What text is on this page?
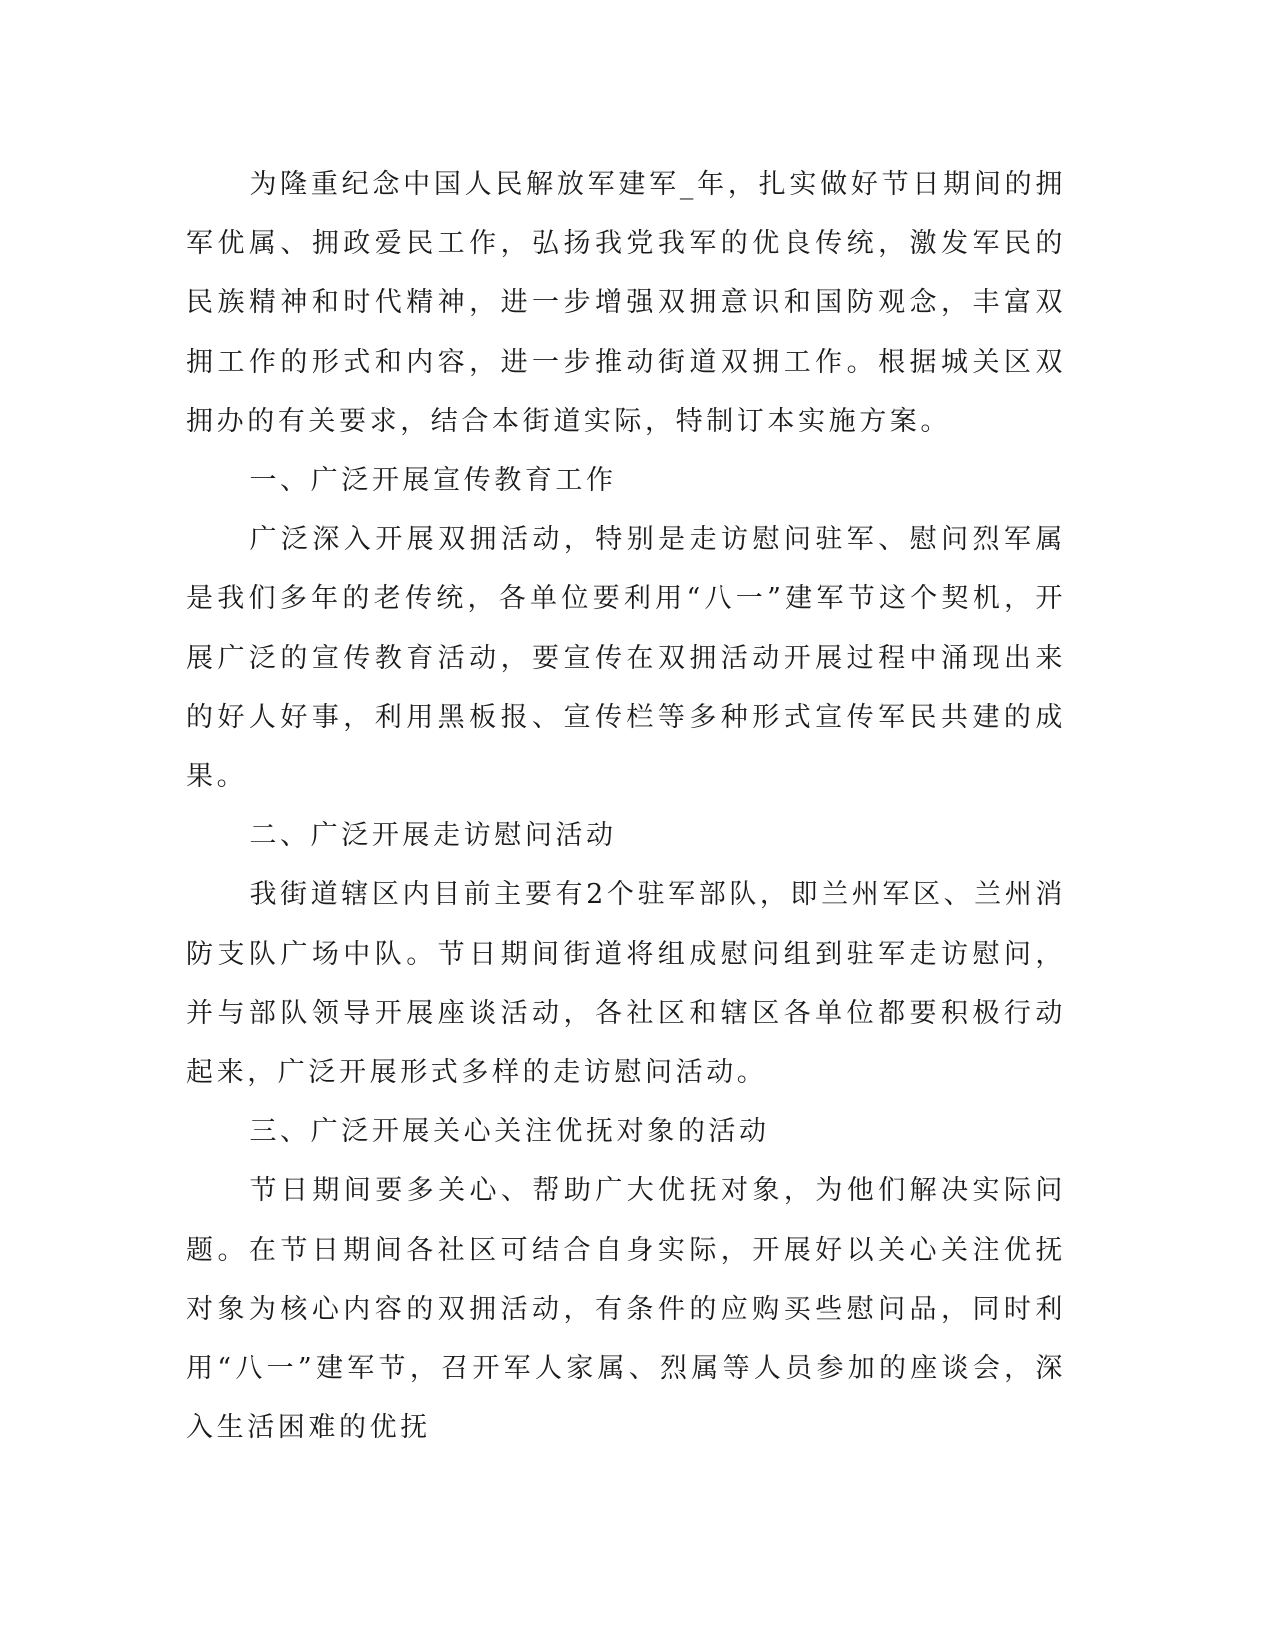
为隆重纪念中国人民解放军建军_年，扎实做好节日期间的拥军优属、拥政爱民工作，弘扬我党我军的优良传统，激发军民的民族精神和时代精神，进一步增强双拥意识和国防观念，丰富双拥工作的形式和内容，进一步推动街道双拥工作。根据城关区双拥办的有关要求，结合本街道实际，特制订本实施方案。

一、广泛开展宣传教育工作

广泛深入开展双拥活动，特别是走访慰问驻军、慰问烈军属是我们多年的老传统，各单位要利用“八一”建军节这个契机，开展广泛的宣传教育活动，要宣传在双拥活动开展过程中涌现出来的好人好事，利用黑板报、宣传栏等多种形式宣传军民共建的成果。

二、广泛开展走访慰问活动

我街道辖区内目前主要有2个驻军部队，即兰州军区、兰州消防支队广场中队。节日期间街道将组成慰问组到驻军走访慰问，并与部队领导开展座谈活动，各社区和辖区各单位都要积极行动起来，广泛开展形式多样的走访慰问活动。

三、广泛开展关心关注优抚对象的活动

节日期间要多关心、帮助广大优抚对象，为他们解决实际问题。在节日期间各社区可结合自身实际，开展好以关心关注优抚对象为核心内容的双拥活动，有条件的应购买些慰问品，同时利用“八一”建军节，召开军人家属、烈属等人员参加的座谈会，深入生活困难的优抚
